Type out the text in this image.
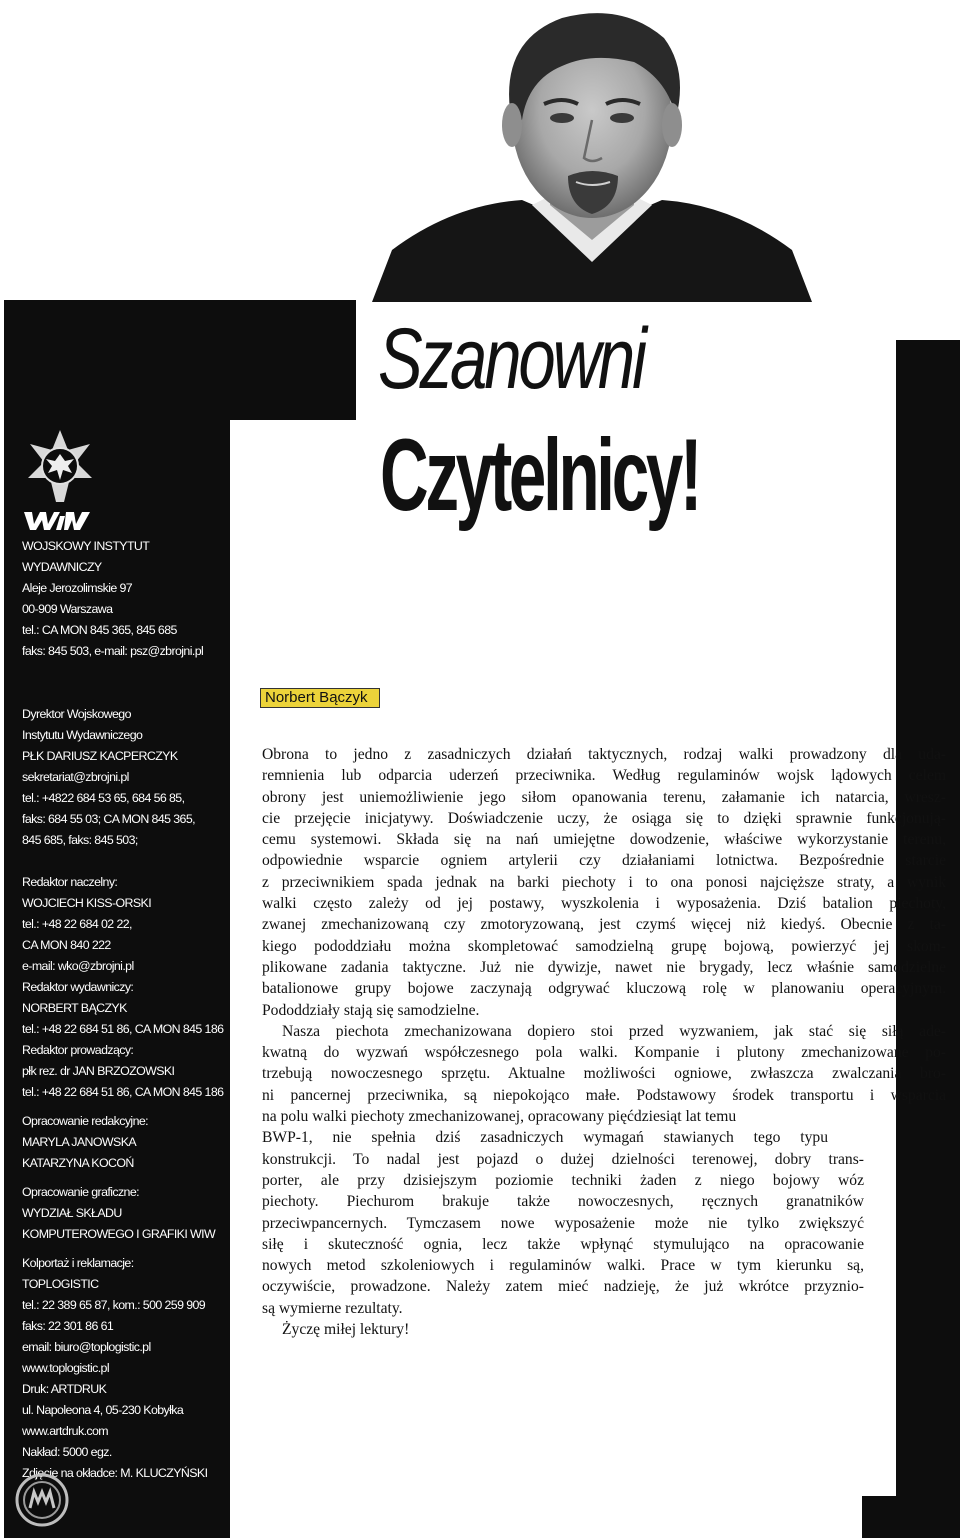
Szanowni
Czytelnicy!
WOJSKOWY INSTYTUT
WYDAWNICZY
Aleje Jerozolimskie 97
00-909 Warszawa
tel.: CA MON 845 365, 845 685
faks: 845 503, e-mail: psz@zbrojni.pl
Dyrektor Wojskowego
Instytutu Wydawniczego
PŁK DARIUSZ KACPERCZYK
sekretariat@zbrojni.pl
tel.: +4822 684 53 65, 684 56 85,
faks: 684 55 03; CA MON 845 365,
845 685, faks: 845 503;
Redaktor naczelny:
WOJCIECH KISS-ORSKI
tel.: +48 22 684 02 22,
CA MON 840 222
e-mail: wko@zbrojni.pl
Redaktor wydawniczy:
NORBERT BĄCZYK
tel.: +48 22 684 51 86, CA MON 845 186
Redaktor prowadzący:
płk rez. dr JAN BRZOZOWSKI
tel.: +48 22 684 51 86, CA MON 845 186
Opracowanie redakcyjne:
MARYLA JANOWSKA
KATARZYNA KOCOŃ
Opracowanie graficzne:
WYDZIAŁ SKŁADU
KOMPUTEROWEGO I GRAFIKI WIW
Kolportaż i reklamacje:
TOPLOGISTIC
tel.: 22 389 65 87, kom.: 500 259 909
faks: 22 301 86 61
email: biuro@toplogistic.pl
www.toplogistic.pl
Druk: ARTDRUK
ul. Napoleona 4, 05-230 Kobyłka
www.artdruk.com
Nakład: 5000 egz.
Zdjęcie na okładce: M. KLUCZYŃSKI
Norbert Bączyk
Obrona to jedno z zasadniczych działań taktycznych, rodzaj walki prowadzony dla uda-
remnienia lub odparcia uderzeń przeciwnika. Według regulaminów wojsk lądowych celem
obrony jest uniemożliwienie jego siłom opanowania terenu, załamanie ich natarcia, wresz-
cie przejęcie inicjatywy. Doświadczenie uczy, że osiąga się to dzięki sprawnie funkcjonują-
cemu systemowi. Składa się na nań umiejętne dowodzenie, właściwe wykorzystanie terenu,
odpowiednie wsparcie ogniem artylerii czy działaniami lotnictwa. Bezpośrednie starcie
z przeciwnikiem spada jednak na barki piechoty i to ona ponosi najcięższe straty, a wynik
walki często zależy od jej postawy, wyszkolenia i wyposażenia. Dziś batalion piechoty,
zwanej zmechanizowaną czy zmotoryzowaną, jest czymś więcej niż kiedyś. Obecnie z ta-
kiego pododdziału można skompletować samodzielną grupę bojową, powierzyć jej skom-
plikowane zadania taktyczne. Już nie dywizje, nawet nie brygady, lecz właśnie samodzielne
batalionowe grupy bojowe zaczynają odgrywać kluczową rolę w planowaniu operacyjnym.
Pododdziały stają się samodzielne.
Nasza piechota zmechanizowana dopiero stoi przed wyzwaniem, jak stać się siłą ade-
kwatną do wyzwań współczesnego pola walki. Kompanie i plutony zmechanizowane po-
trzebują nowoczesnego sprzętu. Aktualne możliwości ogniowe, zwłaszcza zwalczania bro-
ni pancernej przeciwnika, są niepokojąco małe. Podstawowy środek transportu i wsparcia
na polu walki piechoty zmechanizowanej, opracowany pięćdziesiąt lat temu
BWP-1, nie spełnia dziś zasadniczych wymagań stawianych tego typu
konstrukcji. To nadal jest pojazd o dużej dzielności terenowej, dobry trans-
porter, ale przy dzisiejszym poziomie techniki żaden z niego bojowy wóz
piechoty. Piechurom brakuje także nowoczesnych, ręcznych granatników
przeciwpancernych. Tymczasem nowe wyposażenie może nie tylko zwiększyć
siłę i skuteczność ognia, lecz także wpłynąć stymulująco na opracowanie
nowych metod szkoleniowych i regulaminów walki. Prace w tym kierunku są,
oczywiście, prowadzone. Należy zatem mieć nadzieję, że już wkrótce przyznio-
są wymierne rezultaty.
Życzę miłej lektury!
